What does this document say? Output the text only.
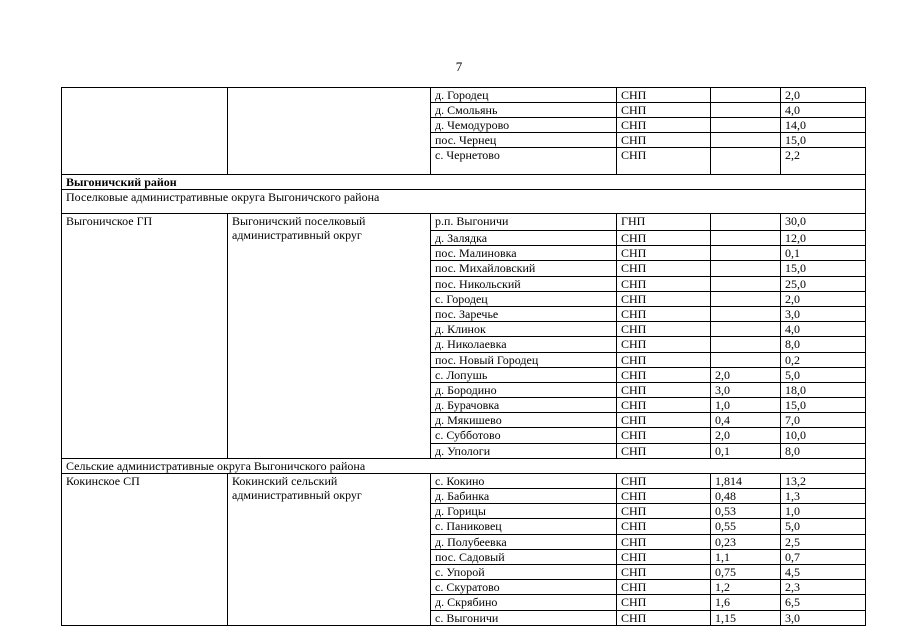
7
		д. Городец	СНП		2,0
		д. Смольянь	СНП		4,0
		д. Чемодурово	СНП		14,0
		пос. Чернец	СНП		15,0
		с. Чернетово	СНП		2,2
Выгоничский район					
Поселковые административные округа Выгоничского района					
Выгоничское ГП	Выгоничский поселковый административный округ	р.п. Выгоничи	ГНП		30,0
		д. Залядка	СНП		12,0
		пос. Малиновка	СНП		0,1
		пос. Михайловский	СНП		15,0
		пос. Никольский	СНП		25,0
		с. Городец	СНП		2,0
		пос. Заречье	СНП		3,0
		д. Клинок	СНП		4,0
		д. Николаевка	СНП		8,0
		пос. Новый Городец	СНП		0,2
		с. Лопушь	СНП	2,0	5,0
		д. Бородино	СНП	3,0	18,0
		д. Бурачовка	СНП	1,0	15,0
		д. Мякишево	СНП	0,4	7,0
		с. Субботово	СНП	2,0	10,0
		д. Упологи	СНП	0,1	8,0
Сельские административные округа Выгоничского района					
Кокинское СП	Кокинский сельский административный округ	с. Кокино	СНП	1,814	13,2
		д. Бабинка	СНП	0,48	1,3
		д. Горицы	СНП	0,53	1,0
		с. Паниковец	СНП	0,55	5,0
		д. Полубеевка	СНП	0,23	2,5
		пос. Садовый	СНП	1,1	0,7
		с. Упорой	СНП	0,75	4,5
		с. Скуратово	СНП	1,2	2,3
		д. Скрябино	СНП	1,6	6,5
		с. Выгоничи	СНП	1,15	3,0
